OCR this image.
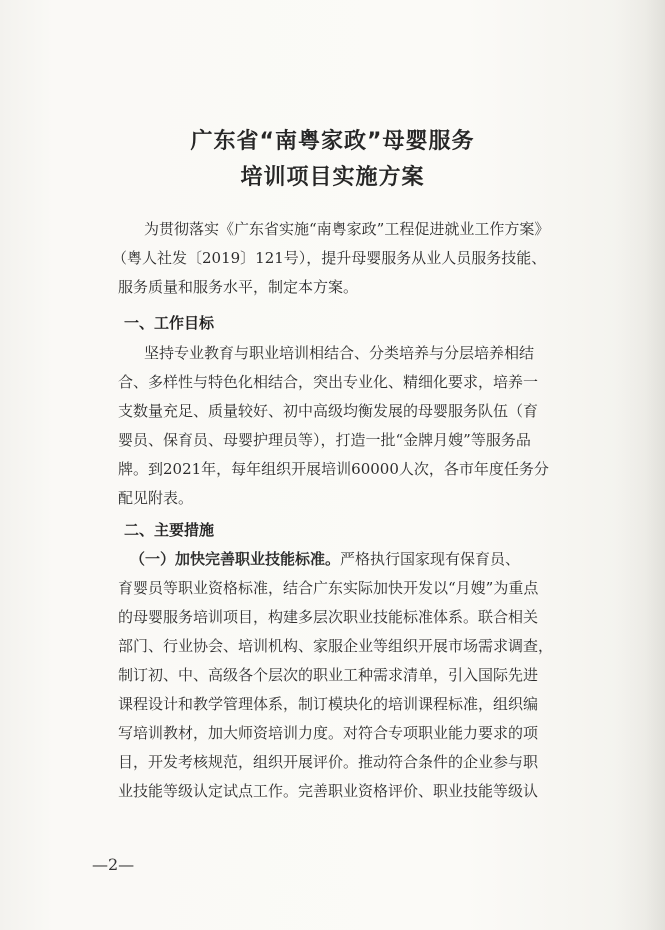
广东省“南粤家政”母婴服务
培训项目实施方案

为贯彻落实《广东省实施“南粤家政”工程促进就业工作方案》

（粤人社发〔2019〕121号），提升母婴服务从业人员服务技能、

服务质量和服务水平，制定本方案。

一、工作目标

坚持专业教育与职业培训相结合、分类培养与分层培养相结

合、多样性与特色化相结合，突出专业化、精细化要求，培养一

支数量充足、质量较好、初中高级均衡发展的母婴服务队伍（育

婴员、保育员、母婴护理员等），打造一批“金牌月嫂”等服务品

牌。到2021年，每年组织开展培训60000人次，各市年度任务分

配见附表。

二、主要措施

（一）加快完善职业技能标准。严格执行国家现有保育员、

育婴员等职业资格标准，结合广东实际加快开发以“月嫂”为重点

的母婴服务培训项目，构建多层次职业技能标准体系。联合相关

部门、行业协会、培训机构、家服企业等组织开展市场需求调查，

制订初、中、高级各个层次的职业工种需求清单，引入国际先进

课程设计和教学管理体系，制订模块化的培训课程标准，组织编

写培训教材，加大师资培训力度。对符合专项职业能力要求的项

目，开发考核规范，组织开展评价。推动符合条件的企业参与职

业技能等级认定试点工作。完善职业资格评价、职业技能等级认

—2—
